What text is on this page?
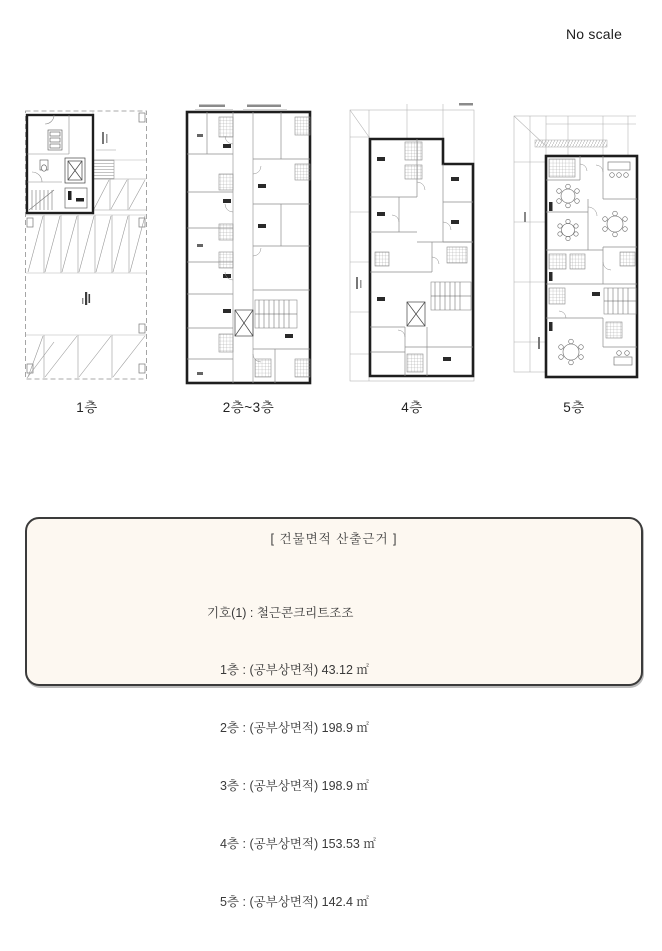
No scale
1층	2층~3층	4층	5층
[ 건물면적 산출근거 ]

기호(1) : 철근콘크리트조조

1층 : (공부상면적) 43.12 ㎡

2층 : (공부상면적) 198.9 ㎡

3층 : (공부상면적) 198.9 ㎡

4층 : (공부상면적) 153.53 ㎡

5층 : (공부상면적) 142.4 ㎡
